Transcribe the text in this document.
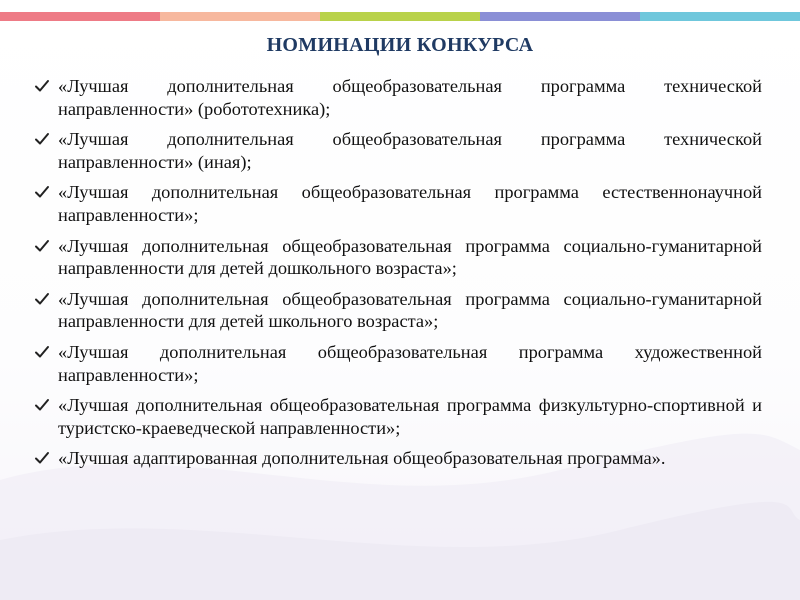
НОМИНАЦИИ КОНКУРСА
«Лучшая дополнительная общеобразовательная программа технической направленности» (робототехника);
«Лучшая дополнительная общеобразовательная программа технической направленности» (иная);
«Лучшая дополнительная общеобразовательная программа естественнонаучной направленности»;
«Лучшая дополнительная общеобразовательная программа социально-гуманитарной направленности для детей дошкольного возраста»;
«Лучшая дополнительная общеобразовательная программа социально-гуманитарной направленности для детей школьного возраста»;
«Лучшая дополнительная общеобразовательная программа художественной направленности»;
«Лучшая дополнительная общеобразовательная программа физкультурно-спортивной и туристско-краеведческой направленности»;
«Лучшая адаптированная дополнительная общеобразовательная программа».
